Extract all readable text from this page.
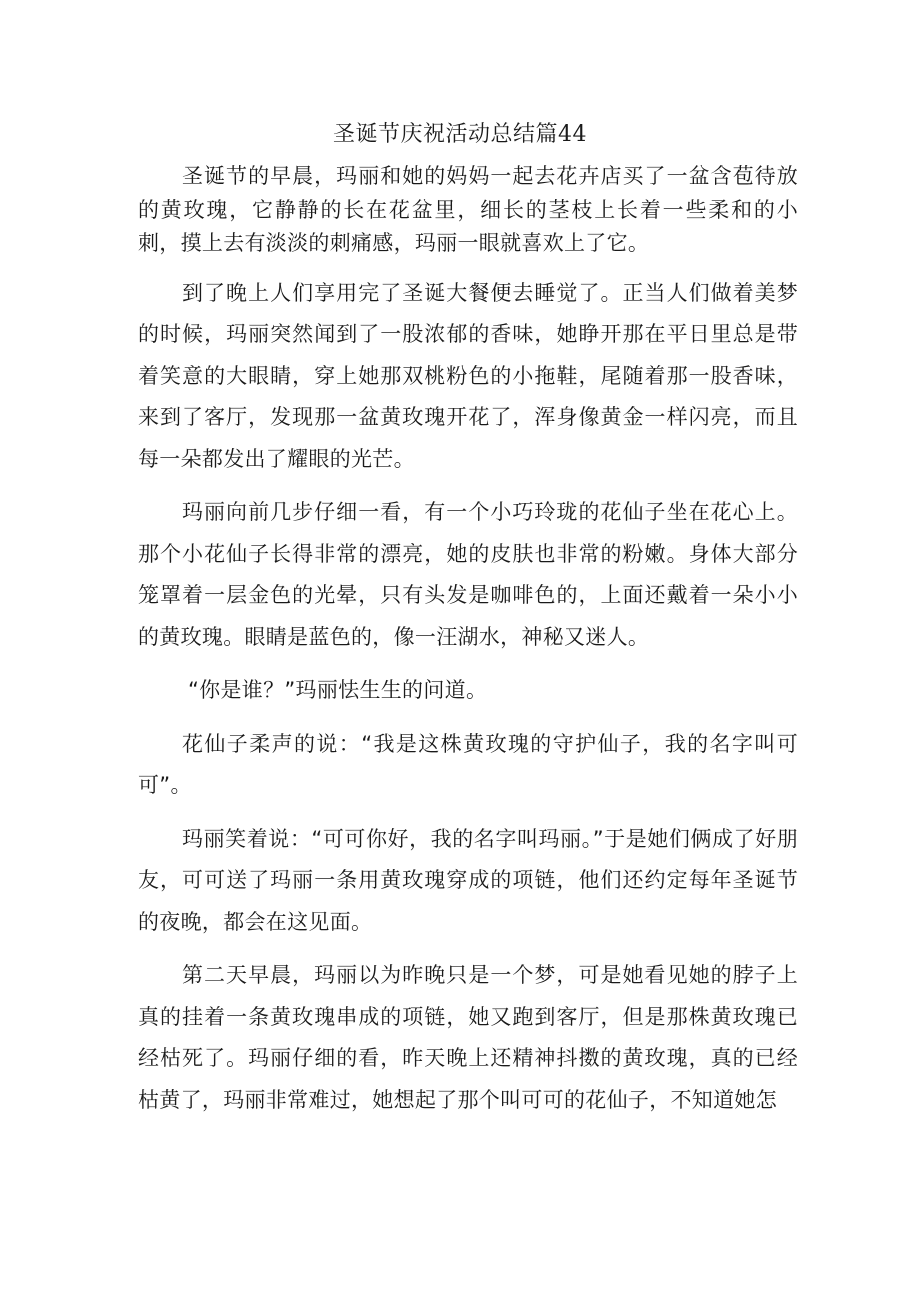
圣诞节庆祝活动总结篇44

圣诞节的早晨，玛丽和她的妈妈一起去花卉店买了一盆含苞待放的黄玫瑰，它静静的长在花盆里，细长的茎枝上长着一些柔和的小刺，摸上去有淡淡的刺痛感，玛丽一眼就喜欢上了它。

到了晚上人们享用完了圣诞大餐便去睡觉了。正当人们做着美梦的时候，玛丽突然闻到了一股浓郁的香味，她睁开那在平日里总是带着笑意的大眼睛，穿上她那双桃粉色的小拖鞋，尾随着那一股香味，来到了客厅，发现那一盆黄玫瑰开花了，浑身像黄金一样闪亮，而且每一朵都发出了耀眼的光芒。

玛丽向前几步仔细一看，有一个小巧玲珑的花仙子坐在花心上。那个小花仙子长得非常的漂亮，她的皮肤也非常的粉嫩。身体大部分笼罩着一层金色的光晕，只有头发是咖啡色的，上面还戴着一朵小小的黄玫瑰。眼睛是蓝色的，像一汪湖水，神秘又迷人。

“你是谁？”玛丽怯生生的问道。

花仙子柔声的说：“我是这株黄玫瑰的守护仙子，我的名字叫可可”。

玛丽笑着说：“可可你好，我的名字叫玛丽。”于是她们俩成了好朋友，可可送了玛丽一条用黄玫瑰穿成的项链，他们还约定每年圣诞节的夜晚，都会在这见面。

第二天早晨，玛丽以为昨晚只是一个梦，可是她看见她的脖子上真的挂着一条黄玫瑰串成的项链，她又跑到客厅，但是那株黄玫瑰已经枯死了。玛丽仔细的看，昨天晚上还精神抖擞的黄玫瑰，真的已经枯黄了，玛丽非常难过，她想起了那个叫可可的花仙子，不知道她怎
